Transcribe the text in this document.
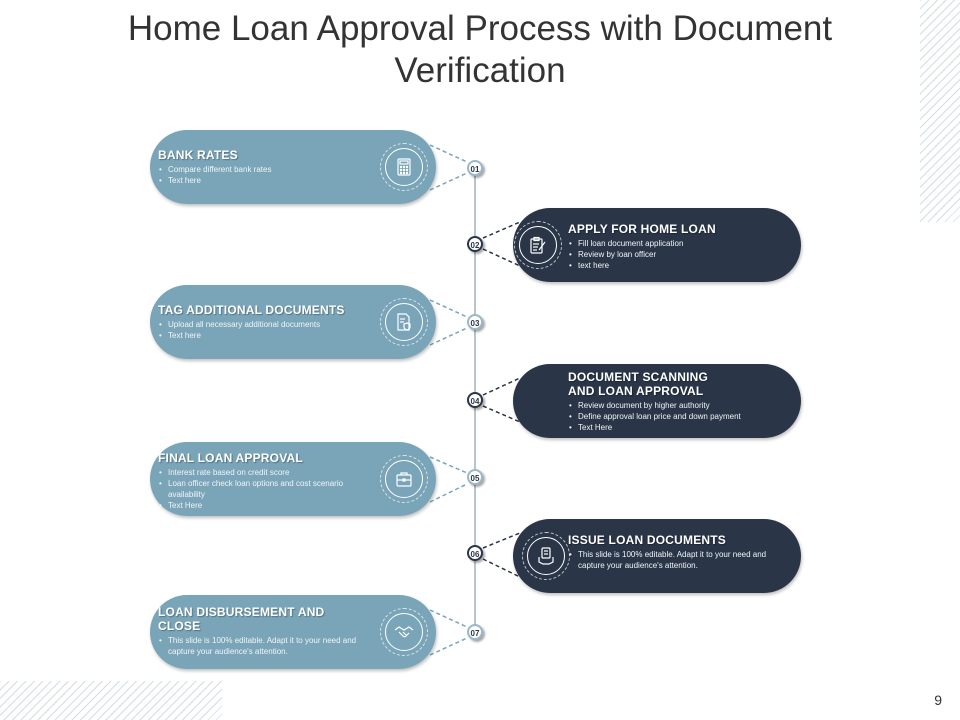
Home Loan Approval Process with Document Verification
BANK RATES
• Compare different bank rates
• Text here
01
APPLY FOR HOME LOAN
• Fill loan document application
• Review by loan officer
• text here
02
TAG ADDITIONAL DOCUMENTS
• Upload all necessary additional documents
• Text here
03
DOCUMENT SCANNING
AND LOAN APPROVAL
• Review document by higher authority
• Define approval loan price and down payment
• Text Here
04
FINAL LOAN APPROVAL
• Interest rate based on credit score
• Loan officer check loan options and cost scenario availability
• Text Here
05
ISSUE LOAN DOCUMENTS
• This slide is 100% editable. Adapt it to your need and capture your audience's attention.
06
LOAN DISBURSEMENT AND
CLOSE
• This slide is 100% editable. Adapt it to your need and capture your audience's attention.
07
9
